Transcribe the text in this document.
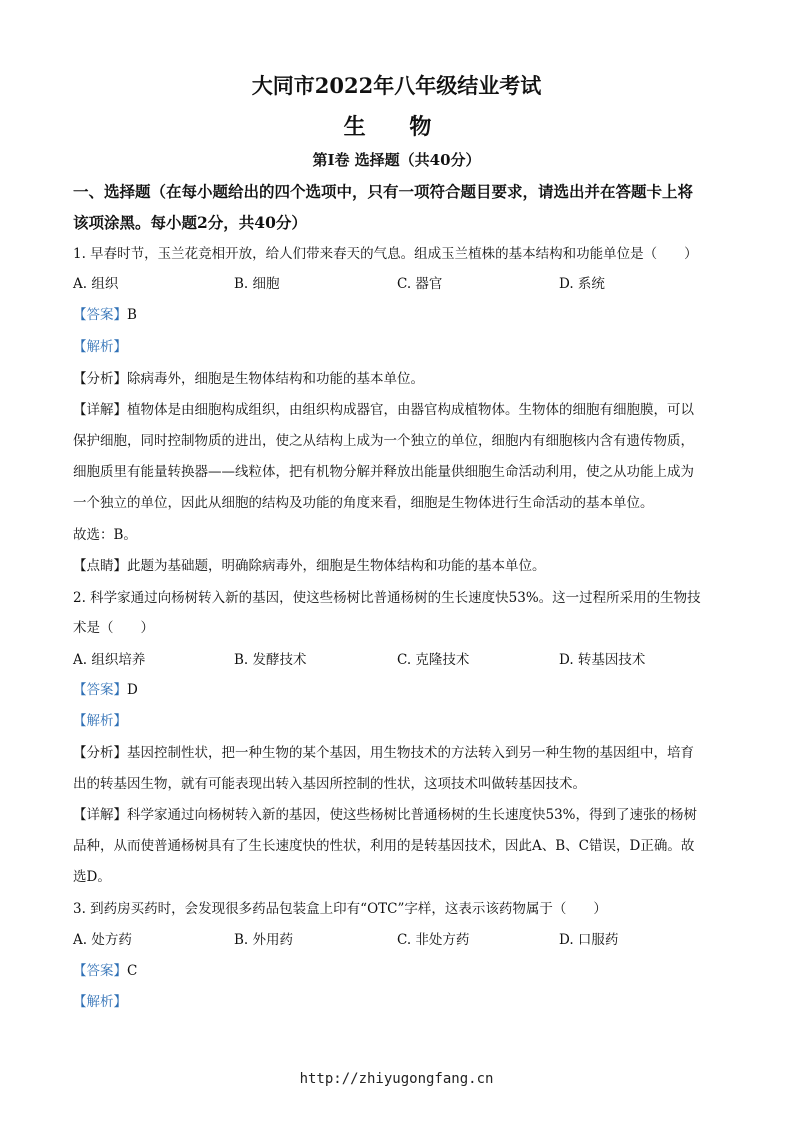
大同市2022年八年级结业考试
生 物
第Ⅰ卷 选择题（共40分）
一、选择题（在每小题给出的四个选项中，只有一项符合题目要求，请选出并在答题卡上将
该项涂黑。每小题2分，共40分）
1. 早春时节，玉兰花竞相开放，给人们带来春天的气息。组成玉兰植株的基本结构和功能单位是（　　）
A. 组织	B. 细胞	C. 器官	D. 系统
【答案】B
【解析】
【分析】除病毒外，细胞是生物体结构和功能的基本单位。
【详解】植物体是由细胞构成组织，由组织构成器官，由器官构成植物体。生物体的细胞有细胞膜，可以
保护细胞，同时控制物质的进出，使之从结构上成为一个独立的单位，细胞内有细胞核内含有遗传物质，
细胞质里有能量转换器——线粒体，把有机物分解并释放出能量供细胞生命活动利用，使之从功能上成为
一个独立的单位，因此从细胞的结构及功能的角度来看，细胞是生物体进行生命活动的基本单位。
故选：B。
【点睛】此题为基础题，明确除病毒外，细胞是生物体结构和功能的基本单位。
2. 科学家通过向杨树转入新的基因，使这些杨树比普通杨树的生长速度快53%。这一过程所采用的生物技
术是（　　）
A. 组织培养	B. 发酵技术	C. 克隆技术	D. 转基因技术
【答案】D
【解析】
【分析】基因控制性状，把一种生物的某个基因，用生物技术的方法转入到另一种生物的基因组中，培育
出的转基因生物，就有可能表现出转入基因所控制的性状，这项技术叫做转基因技术。
【详解】科学家通过向杨树转入新的基因，使这些杨树比普通杨树的生长速度快53%，得到了速张的杨树
品种，从而使普通杨树具有了生长速度快的性状，利用的是转基因技术，因此A、B、C错误，D正确。故
选D。
3. 到药房买药时，会发现很多药品包装盒上印有“OTC”字样，这表示该药物属于（　　）
A. 处方药	B. 外用药	C. 非处方药	D. 口服药
【答案】C
【解析】
http://zhiyugongfang.cn
